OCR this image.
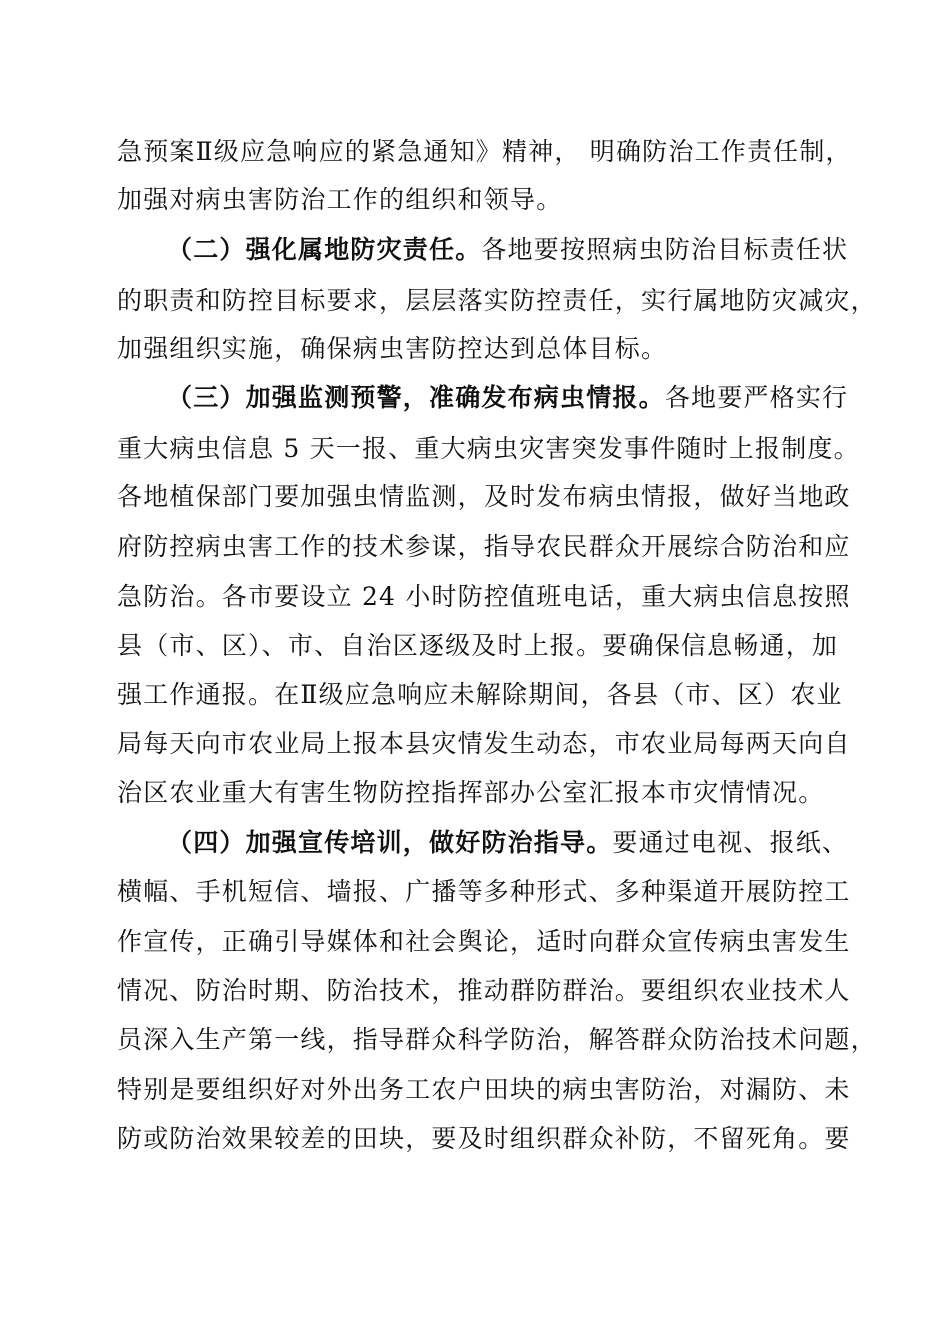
急预案Ⅱ级应急响应的紧急通知》精神， 明确防治工作责任制，
加强对病虫害防治工作的组织和领导。
（二）强化属地防灾责任。各地要按照病虫防治目标责任状
的职责和防控目标要求，层层落实防控责任，实行属地防灾减灾，
加强组织实施，确保病虫害防控达到总体目标。
（三）加强监测预警，准确发布病虫情报。各地要严格实行
重大病虫信息 5 天一报、重大病虫灾害突发事件随时上报制度。
各地植保部门要加强虫情监测，及时发布病虫情报，做好当地政
府防控病虫害工作的技术参谋，指导农民群众开展综合防治和应
急防治。各市要设立 24 小时防控值班电话，重大病虫信息按照
县（市、区）、市、自治区逐级及时上报。要确保信息畅通，加
强工作通报。在Ⅱ级应急响应未解除期间，各县（市、区）农业
局每天向市农业局上报本县灾情发生动态，市农业局每两天向自
治区农业重大有害生物防控指挥部办公室汇报本市灾情情况。
（四）加强宣传培训，做好防治指导。要通过电视、报纸、
横幅、手机短信、墙报、广播等多种形式、多种渠道开展防控工
作宣传，正确引导媒体和社会舆论，适时向群众宣传病虫害发生
情况、防治时期、防治技术，推动群防群治。要组织农业技术人
员深入生产第一线，指导群众科学防治，解答群众防治技术问题，
特别是要组织好对外出务工农户田块的病虫害防治，对漏防、未
防或防治效果较差的田块，要及时组织群众补防，不留死角。要
